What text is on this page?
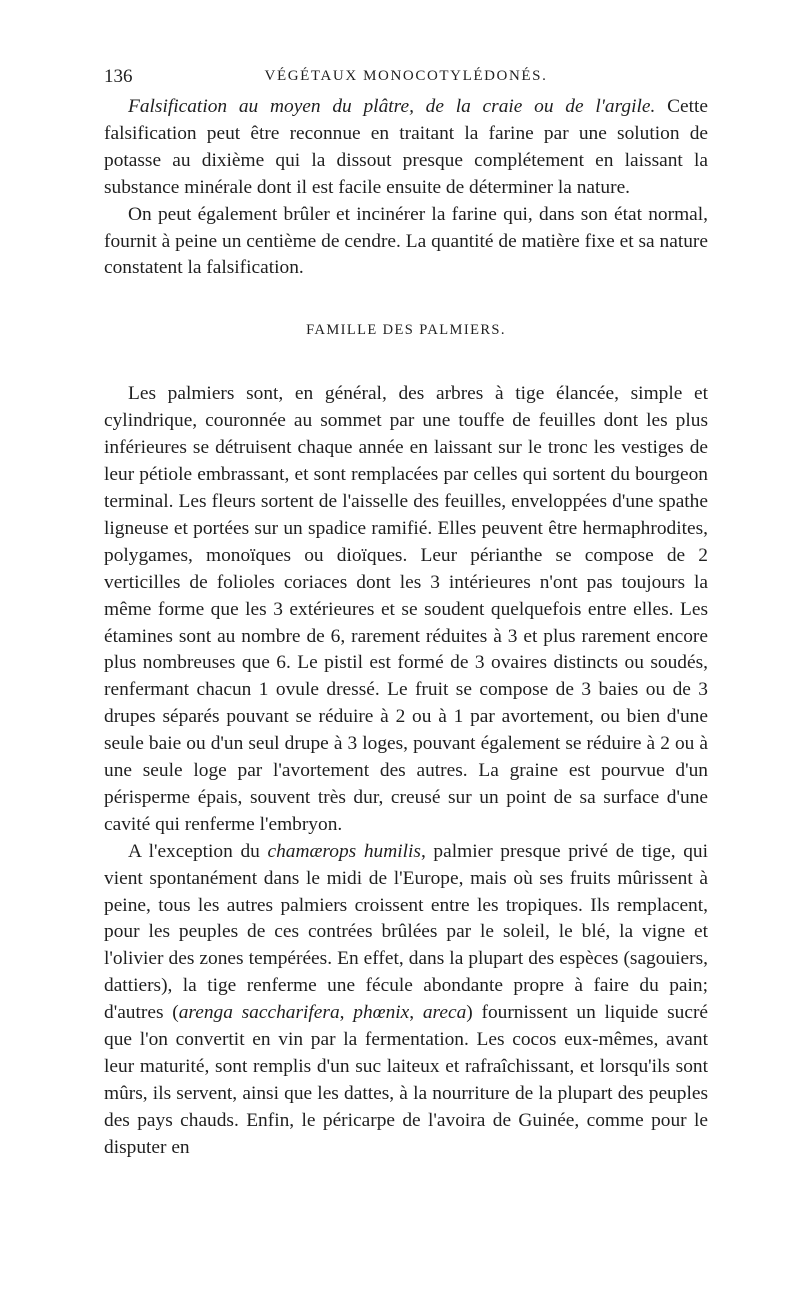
136	VÉGÉTAUX MONOCOTYLÉDONÉS.

Falsification au moyen du plâtre, de la craie ou de l'argile. Cette falsification peut être reconnue en traitant la farine par une solution de potasse au dixième qui la dissout presque complétement en laissant la substance minérale dont il est facile ensuite de déterminer la nature.

On peut également brûler et incinérer la farine qui, dans son état normal, fournit à peine un centième de cendre. La quantité de matière fixe et sa nature constatent la falsification.

FAMILLE DES PALMIERS.

Les palmiers sont, en général, des arbres à tige élancée, simple et cylindrique, couronnée au sommet par une touffe de feuilles dont les plus inférieures se détruisent chaque année en laissant sur le tronc les vestiges de leur pétiole embrassant, et sont remplacées par celles qui sortent du bourgeon terminal. Les fleurs sortent de l'aisselle des feuilles, enveloppées d'une spathe ligneuse et portées sur un spadice ramifié. Elles peuvent être hermaphrodites, polygames, monoïques ou dioïques. Leur périanthe se compose de 2 verticilles de folioles coriaces dont les 3 intérieures n'ont pas toujours la même forme que les 3 extérieures et se soudent quelquefois entre elles. Les étamines sont au nombre de 6, rarement réduites à 3 et plus rarement encore plus nombreuses que 6. Le pistil est formé de 3 ovaires distincts ou soudés, renfermant chacun 1 ovule dressé. Le fruit se compose de 3 baies ou de 3 drupes séparés pouvant se réduire à 2 ou à 1 par avortement, ou bien d'une seule baie ou d'un seul drupe à 3 loges, pouvant également se réduire à 2 ou à une seule loge par l'avortement des autres. La graine est pourvue d'un périsperme épais, souvent très dur, creusé sur un point de sa surface d'une cavité qui renferme l'embryon.

A l'exception du chamærops humilis, palmier presque privé de tige, qui vient spontanément dans le midi de l'Europe, mais où ses fruits mûrissent à peine, tous les autres palmiers croissent entre les tropiques. Ils remplacent, pour les peuples de ces contrées brûlées par le soleil, le blé, la vigne et l'olivier des zones tempérées. En effet, dans la plupart des espèces (sagouiers, dattiers), la tige renferme une fécule abondante propre à faire du pain; d'autres (arenga saccharifera, phœnix, areca) fournissent un liquide sucré que l'on convertit en vin par la fermentation. Les cocos eux-mêmes, avant leur maturité, sont remplis d'un suc laiteux et rafraîchissant, et lorsqu'ils sont mûrs, ils servent, ainsi que les dattes, à la nourriture de la plupart des peuples des pays chauds. Enfin, le péricarpe de l'avoira de Guinée, comme pour le disputer en
